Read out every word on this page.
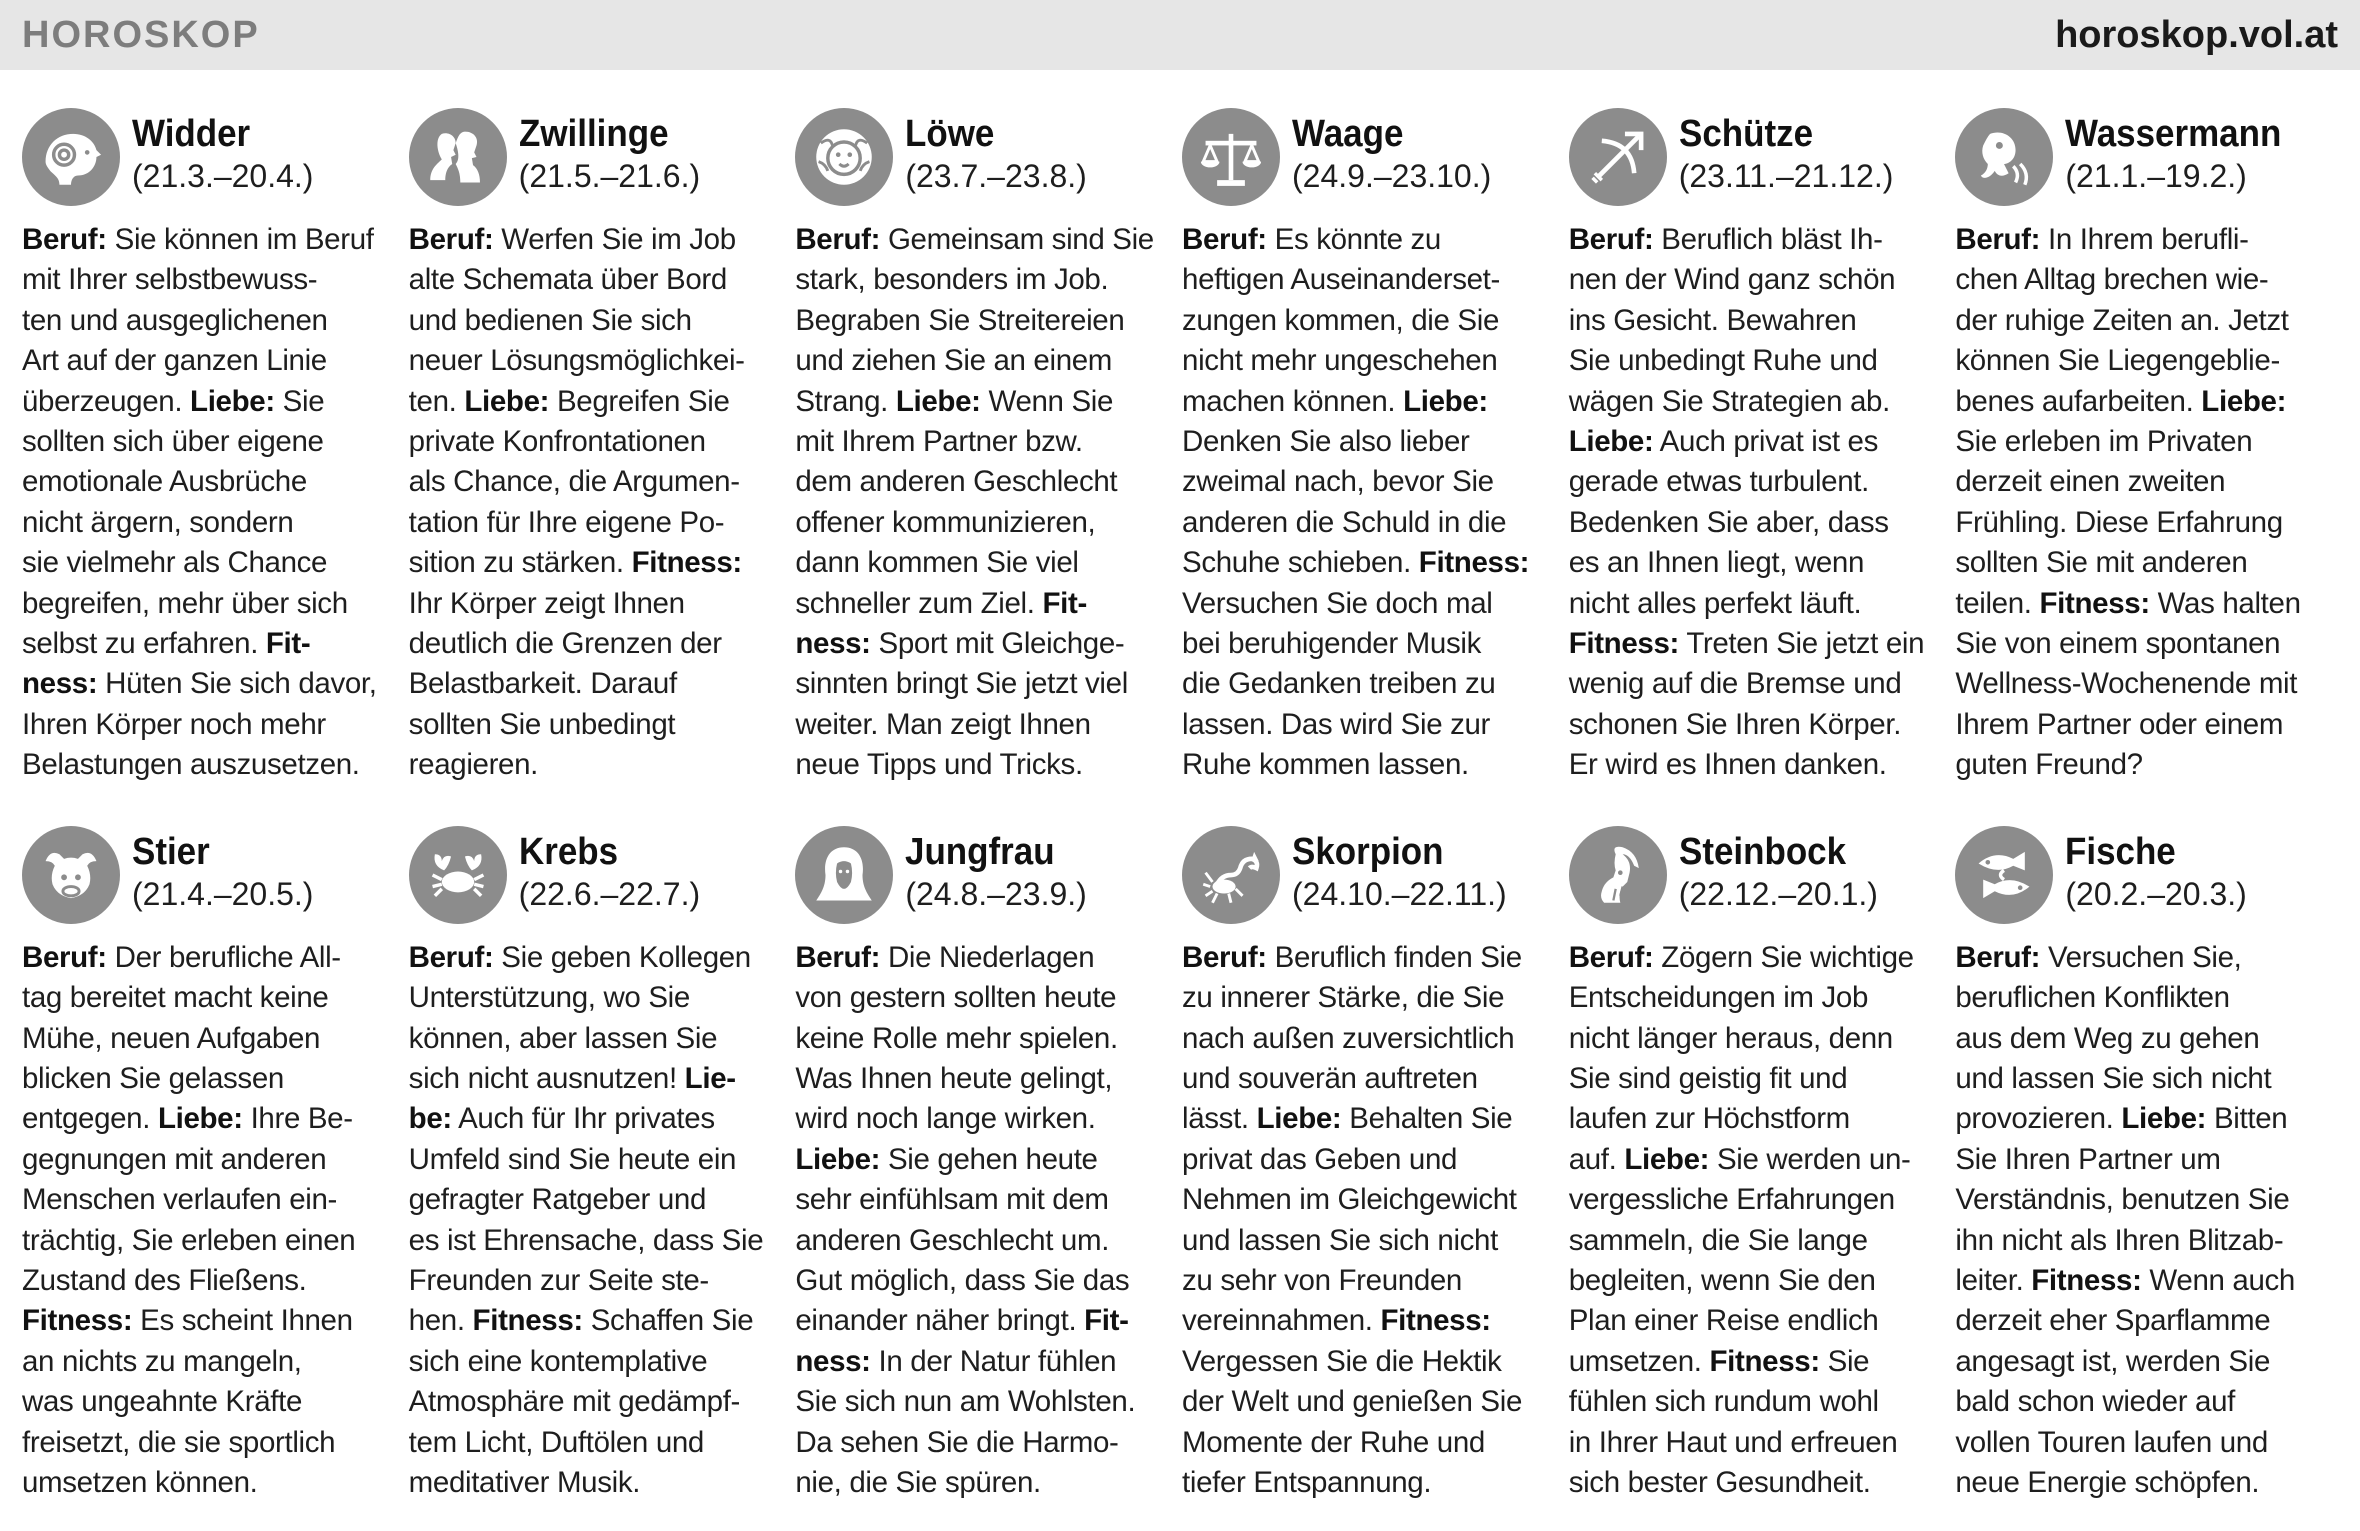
HOROSKOP	horoskop.vol.at
Widder
(21.3.–20.4.)
Beruf: Sie können im Beruf
mit Ihrer selbstbewuss-
ten und ausgeglichenen
Art auf der ganzen Linie
überzeugen. Liebe: Sie
sollten sich über eigene
emotionale Ausbrüche
nicht ärgern, sondern
sie vielmehr als Chance
begreifen, mehr über sich
selbst zu erfahren. Fit-
ness: Hüten Sie sich davor,
Ihren Körper noch mehr
Belastungen auszusetzen.
Zwillinge
(21.5.–21.6.)
Beruf: Werfen Sie im Job
alte Schemata über Bord
und bedienen Sie sich
neuer Lösungsmöglichkei-
ten. Liebe: Begreifen Sie
private Konfrontationen
als Chance, die Argumen-
tation für Ihre eigene Po-
sition zu stärken. Fitness:
Ihr Körper zeigt Ihnen
deutlich die Grenzen der
Belastbarkeit. Darauf
sollten Sie unbedingt
reagieren.
Löwe
(23.7.–23.8.)
Beruf: Gemeinsam sind Sie
stark, besonders im Job.
Begraben Sie Streitereien
und ziehen Sie an einem
Strang. Liebe: Wenn Sie
mit Ihrem Partner bzw.
dem anderen Geschlecht
offener kommunizieren,
dann kommen Sie viel
schneller zum Ziel. Fit-
ness: Sport mit Gleichge-
sinnten bringt Sie jetzt viel
weiter. Man zeigt Ihnen
neue Tipps und Tricks.
Waage
(24.9.–23.10.)
Beruf: Es könnte zu
heftigen Auseinanderset-
zungen kommen, die Sie
nicht mehr ungeschehen
machen können. Liebe:
Denken Sie also lieber
zweimal nach, bevor Sie
anderen die Schuld in die
Schuhe schieben. Fitness:
Versuchen Sie doch mal
bei beruhigender Musik
die Gedanken treiben zu
lassen. Das wird Sie zur
Ruhe kommen lassen.
Schütze
(23.11.–21.12.)
Beruf: Beruflich bläst Ih-
nen der Wind ganz schön
ins Gesicht. Bewahren
Sie unbedingt Ruhe und
wägen Sie Strategien ab.
Liebe: Auch privat ist es
gerade etwas turbulent.
Bedenken Sie aber, dass
es an Ihnen liegt, wenn
nicht alles perfekt läuft.
Fitness: Treten Sie jetzt ein
wenig auf die Bremse und
schonen Sie Ihren Körper.
Er wird es Ihnen danken.
Wassermann
(21.1.–19.2.)
Beruf: In Ihrem berufli-
chen Alltag brechen wie-
der ruhige Zeiten an. Jetzt
können Sie Liegengeblie-
benes aufarbeiten. Liebe:
Sie erleben im Privaten
derzeit einen zweiten
Frühling. Diese Erfahrung
sollten Sie mit anderen
teilen. Fitness: Was halten
Sie von einem spontanen
Wellness-Wochenende mit
Ihrem Partner oder einem
guten Freund?
Stier
(21.4.–20.5.)
Beruf: Der berufliche All-
tag bereitet macht keine
Mühe, neuen Aufgaben
blicken Sie gelassen
entgegen. Liebe: Ihre Be-
gegnungen mit anderen
Menschen verlaufen ein-
trächtig, Sie erleben einen
Zustand des Fließens.
Fitness: Es scheint Ihnen
an nichts zu mangeln,
was ungeahnte Kräfte
freisetzt, die sie sportlich
umsetzen können.
Krebs
(22.6.–22.7.)
Beruf: Sie geben Kollegen
Unterstützung, wo Sie
können, aber lassen Sie
sich nicht ausnutzen! Lie-
be: Auch für Ihr privates
Umfeld sind Sie heute ein
gefragter Ratgeber und
es ist Ehrensache, dass Sie
Freunden zur Seite ste-
hen. Fitness: Schaffen Sie
sich eine kontemplative
Atmosphäre mit gedämpf-
tem Licht, Duftölen und
meditativer Musik.
Jungfrau
(24.8.–23.9.)
Beruf: Die Niederlagen
von gestern sollten heute
keine Rolle mehr spielen.
Was Ihnen heute gelingt,
wird noch lange wirken.
Liebe: Sie gehen heute
sehr einfühlsam mit dem
anderen Geschlecht um.
Gut möglich, dass Sie das
einander näher bringt. Fit-
ness: In der Natur fühlen
Sie sich nun am Wohlsten.
Da sehen Sie die Harmo-
nie, die Sie spüren.
Skorpion
(24.10.–22.11.)
Beruf: Beruflich finden Sie
zu innerer Stärke, die Sie
nach außen zuversichtlich
und souverän auftreten
lässt. Liebe: Behalten Sie
privat das Geben und
Nehmen im Gleichgewicht
und lassen Sie sich nicht
zu sehr von Freunden
vereinnahmen. Fitness:
Vergessen Sie die Hektik
der Welt und genießen Sie
Momente der Ruhe und
tiefer Entspannung.
Steinbock
(22.12.–20.1.)
Beruf: Zögern Sie wichtige
Entscheidungen im Job
nicht länger heraus, denn
Sie sind geistig fit und
laufen zur Höchstform
auf. Liebe: Sie werden un-
vergessliche Erfahrungen
sammeln, die Sie lange
begleiten, wenn Sie den
Plan einer Reise endlich
umsetzen. Fitness: Sie
fühlen sich rundum wohl
in Ihrer Haut und erfreuen
sich bester Gesundheit.
Fische
(20.2.–20.3.)
Beruf: Versuchen Sie,
beruflichen Konflikten
aus dem Weg zu gehen
und lassen Sie sich nicht
provozieren. Liebe: Bitten
Sie Ihren Partner um
Verständnis, benutzen Sie
ihn nicht als Ihren Blitzab-
leiter. Fitness: Wenn auch
derzeit eher Sparflamme
angesagt ist, werden Sie
bald schon wieder auf
vollen Touren laufen und
neue Energie schöpfen.
